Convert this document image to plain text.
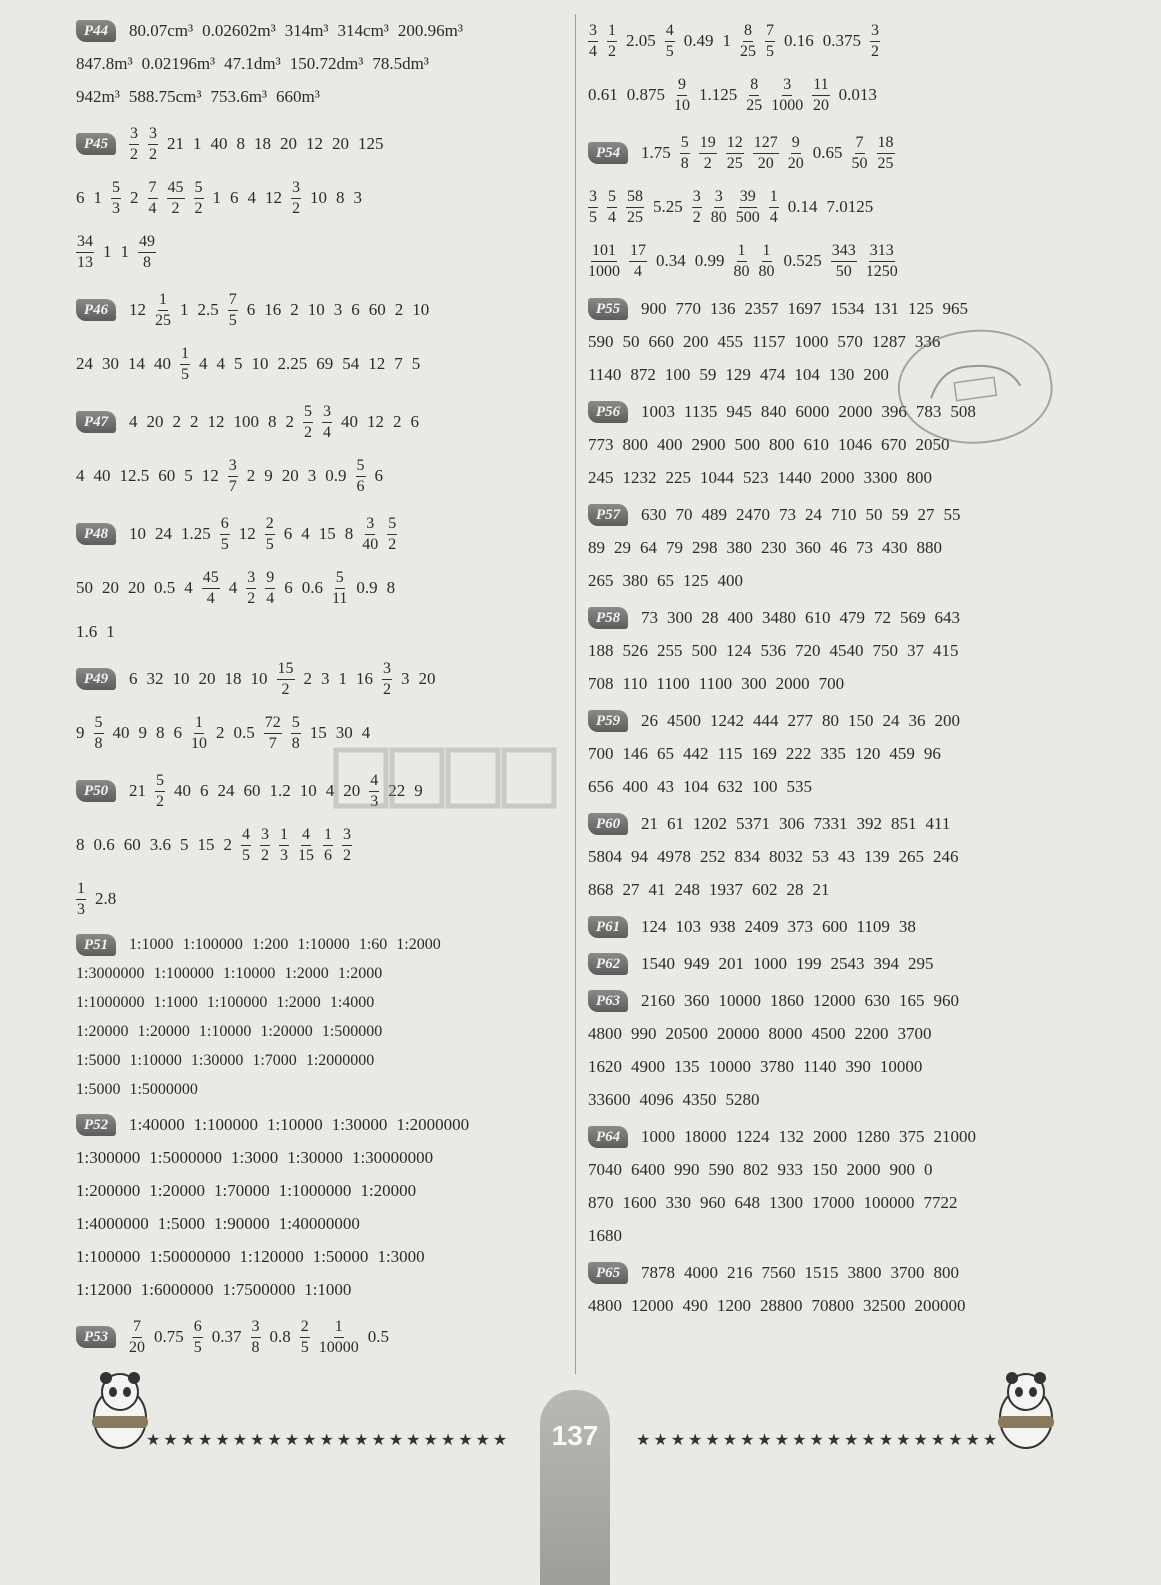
P44	80.07cm³ 0.02602m³ 314m³ 314cm³ 200.96m³
847.8m³ 0.02196m³ 47.1dm³ 150.72dm³ 78.5dm³
942m³ 588.75cm³ 753.6m³ 660m³
P45	$\frac{3}{2} \frac{3}{2} 21$ 1 40 8 18 20 12 20 125
6 $1 \frac{5}{3} 2 \frac{7}{4} \frac{45}{2} \frac{5}{2} 1$ 6 4 $12 \frac{3}{2} 10$ 8 3
$\frac{34}{13} 1$ $1 \frac{49}{8}$
P46	$12 \frac{1}{25} 1$ $2.5 \frac{7}{5} 6$ 16 2 10 3 6 60 2 10
24 30 14 $40 \frac{1}{5} 4$ 4 5 10 2.25 69 54 12 7 5
P47	4 20 2 2 12 100 8 $2 \frac{5}{2} \frac{3}{4} 40$ 12 2 6
4 40 12.5 60 5 $12 \frac{3}{7} 2$ 9 20 3 $0.9 \frac{5}{6} 6$
P48	10 24 $1.25 \frac{6}{5} 12 \frac{2}{5} 6$ 4 15 $8 \frac{3}{40} \frac{5}{2}$
50 20 20 0.5 $4 \frac{45}{4} 4 \frac{3}{2} \frac{9}{4} 6$ $0.6 \frac{5}{11} 0.9$ 8
1.6 1
P49	6 32 10 20 18 $10 \frac{15}{2} 2$ 3 1 $16 \frac{3}{2} 3$ 20
$9 \frac{5}{8} 40$ 9 8 $6 \frac{1}{10} 2$ $0.5 \frac{72}{7} \frac{5}{8} 15$ 30 4
P50	$21 \frac{5}{2} 40$ 6 24 60 1.2 10 4 $20 \frac{4}{3} 22$ 9
8 0.6 60 3.6 5 15 $2 \frac{4}{5} \frac{3}{2} \frac{1}{3} \frac{4}{15} \frac{1}{6} \frac{3}{2}$
$\frac{1}{3} 2.8$
P51	1:1000 1:100000 1:200 1:10000 1:60 1:2000
1:3000000 1:100000 1:10000 1:2000 1:2000
1:1000000 1:1000 1:100000 1:2000 1:4000
1:20000 1:20000 1:10000 1:20000 1:500000
1:5000 1:10000 1:30000 1:7000 1:2000000
1:5000 1:5000000
P52	1:40000 1:100000 1:10000 1:30000 1:2000000
1:300000 1:5000000 1:3000 1:30000 1:30000000
1:200000 1:20000 1:70000 1:1000000 1:20000
1:4000000 1:5000 1:90000 1:40000000
1:100000 1:50000000 1:120000 1:50000 1:3000
1:12000 1:6000000 1:7500000 1:1000
P53	$\frac{7}{20} 0.75 \frac{6}{5} 0.37 \frac{3}{8} 0.8 \frac{2}{5} \frac{1}{10000} 0.5$
$\frac{3}{4} \frac{1}{2} 2.05 \frac{4}{5} 0.49$ $1 \frac{8}{25} \frac{7}{5} 0.16$ $0.375 \frac{3}{2}$
0.61 $0.875 \frac{9}{10} 1.125 \frac{8}{25} \frac{3}{1000} \frac{11}{20} 0.013$
P54	$1.75 \frac{5}{8} \frac{19}{2} \frac{12}{25} \frac{127}{20} \frac{9}{20} 0.65 \frac{7}{50} \frac{18}{25}$
$\frac{3}{5} \frac{5}{4} \frac{58}{25} 5.25 \frac{3}{2} \frac{3}{80} \frac{39}{500} \frac{1}{4} 0.14$ 7.0125
$\frac{101}{1000} \frac{17}{4} 0.34$ $0.99 \frac{1}{80} \frac{1}{80} 0.525 \frac{343}{50} \frac{313}{1250}$
P55	900 770 136 2357 1697 1534 131 125 965
590 50 660 200 455 1157 1000 570 1287 336
1140 872 100 59 129 474 104 130 200
P56	1003 1135 945 840 6000 2000 396 783 508
773 800 400 2900 500 800 610 1046 670 2050
245 1232 225 1044 523 1440 2000 3300 800
P57	630 70 489 2470 73 24 710 50 59 27 55
89 29 64 79 298 380 230 360 46 73 430 880
265 380 65 125 400
P58	73 300 28 400 3480 610 479 72 569 643
188 526 255 500 124 536 720 4540 750 37 415
708 110 1100 1100 300 2000 700
P59	26 4500 1242 444 277 80 150 24 36 200
700 146 65 442 115 169 222 335 120 459 96
656 400 43 104 632 100 535
P60	21 61 1202 5371 306 7331 392 851 411
5804 94 4978 252 834 8032 53 43 139 265 246
868 27 41 248 1937 602 28 21
P61	124 103 938 2409 373 600 1109 38
P62	1540 949 201 1000 199 2543 394 295
P63	2160 360 10000 1860 12000 630 165 960
4800 990 20500 20000 8000 4500 2200 3700
1620 4900 135 10000 3780 1140 390 10000
33600 4096 4350 5280
P64	1000 18000 1224 132 2000 1280 375 21000
7040 6400 990 590 802 933 150 2000 900 0
870 1600 330 960 648 1300 17000 100000 7722
1680
P65	7878 4000 216 7560 1515 3800 3700 800
4800 12000 490 1200 28800 70800 32500 200000
★★★★★★★★★★★★★★★★★★★★★	137	★★★★★★★★★★★★★★★★★★★★★
